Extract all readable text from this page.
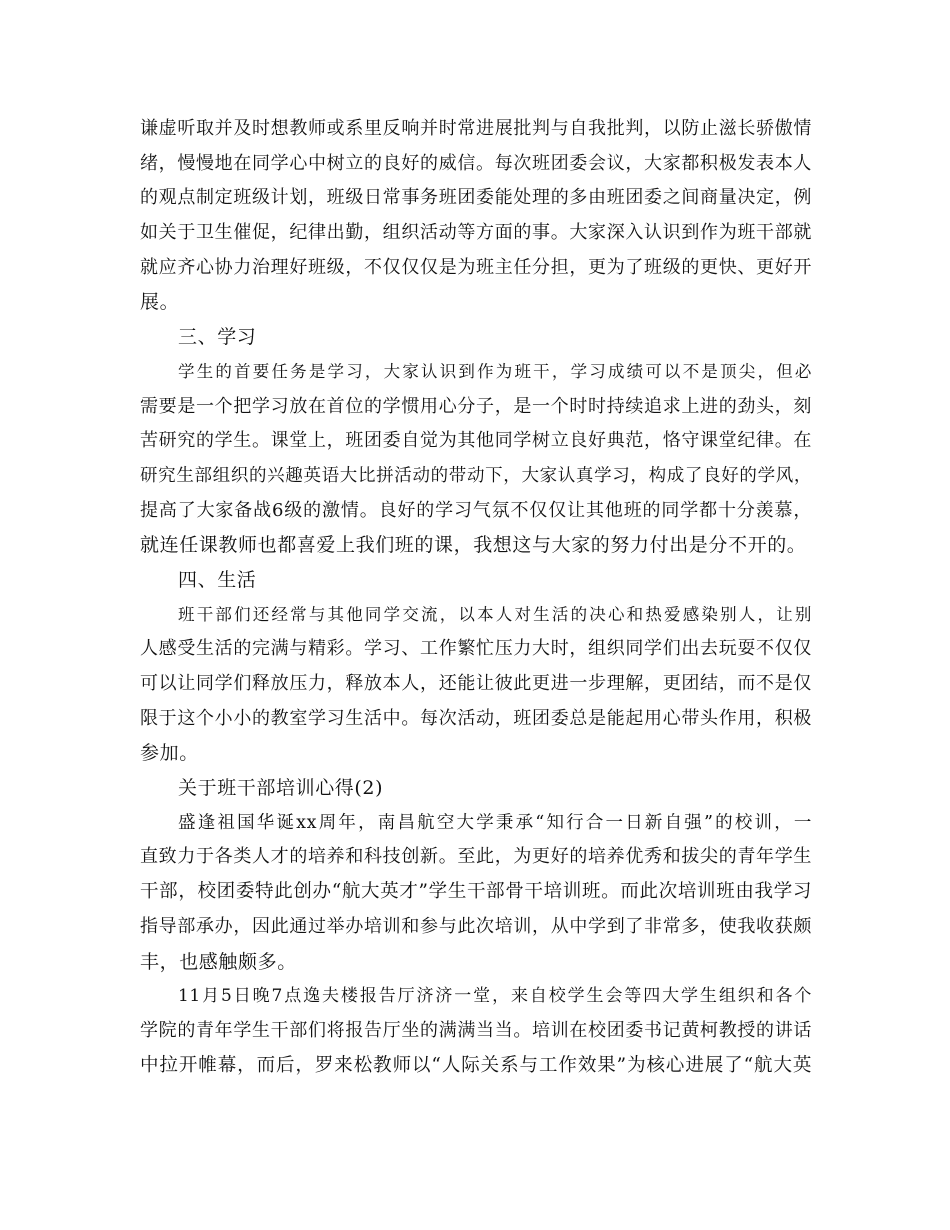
谦虚听取并及时想教师或系里反响并时常进展批判与自我批判，以防止滋长骄傲情
绪，慢慢地在同学心中树立的良好的威信。每次班团委会议，大家都积极发表本人
的观点制定班级计划，班级日常事务班团委能处理的多由班团委之间商量决定，例
如关于卫生催促，纪律出勤，组织活动等方面的事。大家深入认识到作为班干部就
就应齐心协力治理好班级，不仅仅仅是为班主任分担，更为了班级的更快、更好开
展。
三、学习
学生的首要任务是学习，大家认识到作为班干，学习成绩可以不是顶尖，但必
需要是一个把学习放在首位的学惯用心分子，是一个时时持续追求上进的劲头，刻
苦研究的学生。课堂上，班团委自觉为其他同学树立良好典范，恪守课堂纪律。在
研究生部组织的兴趣英语大比拼活动的带动下，大家认真学习，构成了良好的学风，
提高了大家备战6级的激情。良好的学习气氛不仅仅让其他班的同学都十分羡慕，
就连任课教师也都喜爱上我们班的课，我想这与大家的努力付出是分不开的。
四、生活
班干部们还经常与其他同学交流，以本人对生活的决心和热爱感染别人，让别
人感受生活的完满与精彩。学习、工作繁忙压力大时，组织同学们出去玩耍不仅仅
可以让同学们释放压力，释放本人，还能让彼此更进一步理解，更团结，而不是仅
限于这个小小的教室学习生活中。每次活动，班团委总是能起用心带头作用，积极
参加。
关于班干部培训心得(2)
盛逢祖国华诞xx周年，南昌航空大学秉承“知行合一日新自强”的校训，一
直致力于各类人才的培养和科技创新。至此，为更好的培养优秀和拔尖的青年学生
干部，校团委特此创办“航大英才”学生干部骨干培训班。而此次培训班由我学习
指导部承办，因此通过举办培训和参与此次培训，从中学到了非常多，使我收获颇
丰，也感触颇多。
11月5日晚7点逸夫楼报告厅济济一堂，来自校学生会等四大学生组织和各个
学院的青年学生干部们将报告厅坐的满满当当。培训在校团委书记黄柯教授的讲话
中拉开帷幕，而后，罗来松教师以“人际关系与工作效果”为核心进展了“航大英
